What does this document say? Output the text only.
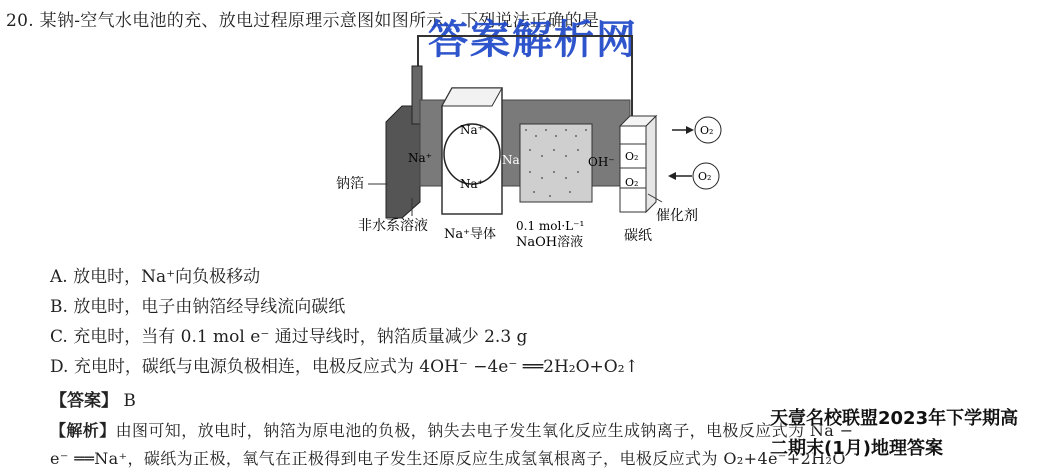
20. 某钠-空气水电池的充、放电过程原理示意图如图所示，下列说法正确的是
答案解析网
Na⁺
Na⁺
Na⁺
Na	OH⁻ O₂
O₂
O₂
O₂
钠箔
非水系溶液
Na⁺导体
0.1 mol·L⁻¹
NaOH溶液	碳纸
催化剂
A. 放电时，Na⁺向负极移动
B. 放电时，电子由钠箔经导线流向碳纸
C. 充电时，当有 0.1 mol e⁻ 通过导线时，钠箔质量减少 2.3 g
D. 充电时，碳纸与电源负极相连，电极反应式为 4OH⁻ −4e⁻ ══2H₂O+O₂↑
【答案】 B
【解析】由图可知，放电时，钠箔为原电池的负极，钠失去电子发生氧化反应生成钠离子，电极反应式为 Na −
e⁻ ══Na⁺，碳纸为正极，氧气在正极得到电子发生还原反应生成氢氧根离子，电极反应式为 O₂+4e⁻+2H₂O
天壹名校联盟2023年下学期高
二期末(1月)地理答案
